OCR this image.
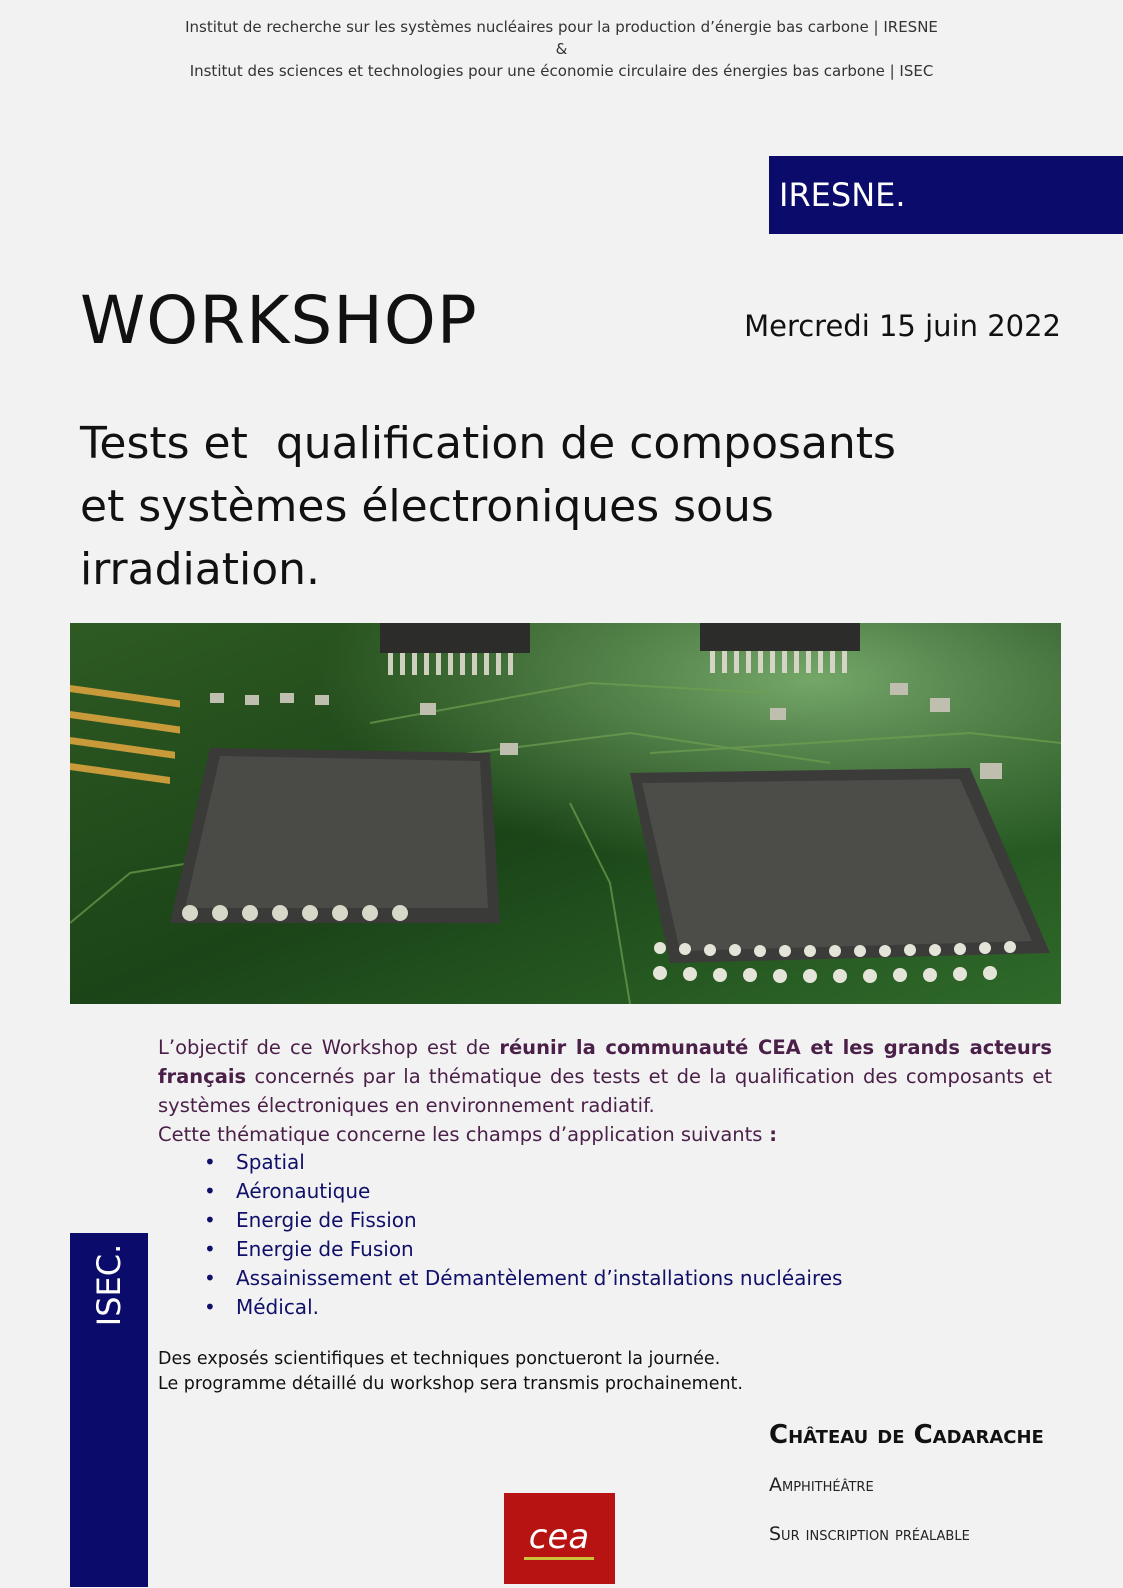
Institut de recherche sur les systèmes nucléaires pour la production d’énergie bas carbone | IRESNE
&
Institut des sciences et technologies pour une économie circulaire des énergies bas carbone | ISEC
IRESNE.
WORKSHOP	Mercredi 15 juin 2022
Tests et  qualification de composants
et systèmes électroniques sous
irradiation.
L’objectif de ce Workshop est de réunir la communauté CEA et les grands acteurs français concernés par la thématique des tests et de la qualification des composants et systèmes électroniques en environnement radiatif.
Cette thématique concerne les champs d’application suivants :
• Spatial
• Aéronautique
• Energie de Fission
• Energie de Fusion
• Assainissement et Démantèlement d’installations nucléaires
• Médical.
Des exposés scientifiques et techniques ponctueront la journée.
Le programme détaillé du workshop sera transmis prochainement.
ISEC.
Château de Cadarache
Amphithéâtre
Sur inscription préalable
cea
